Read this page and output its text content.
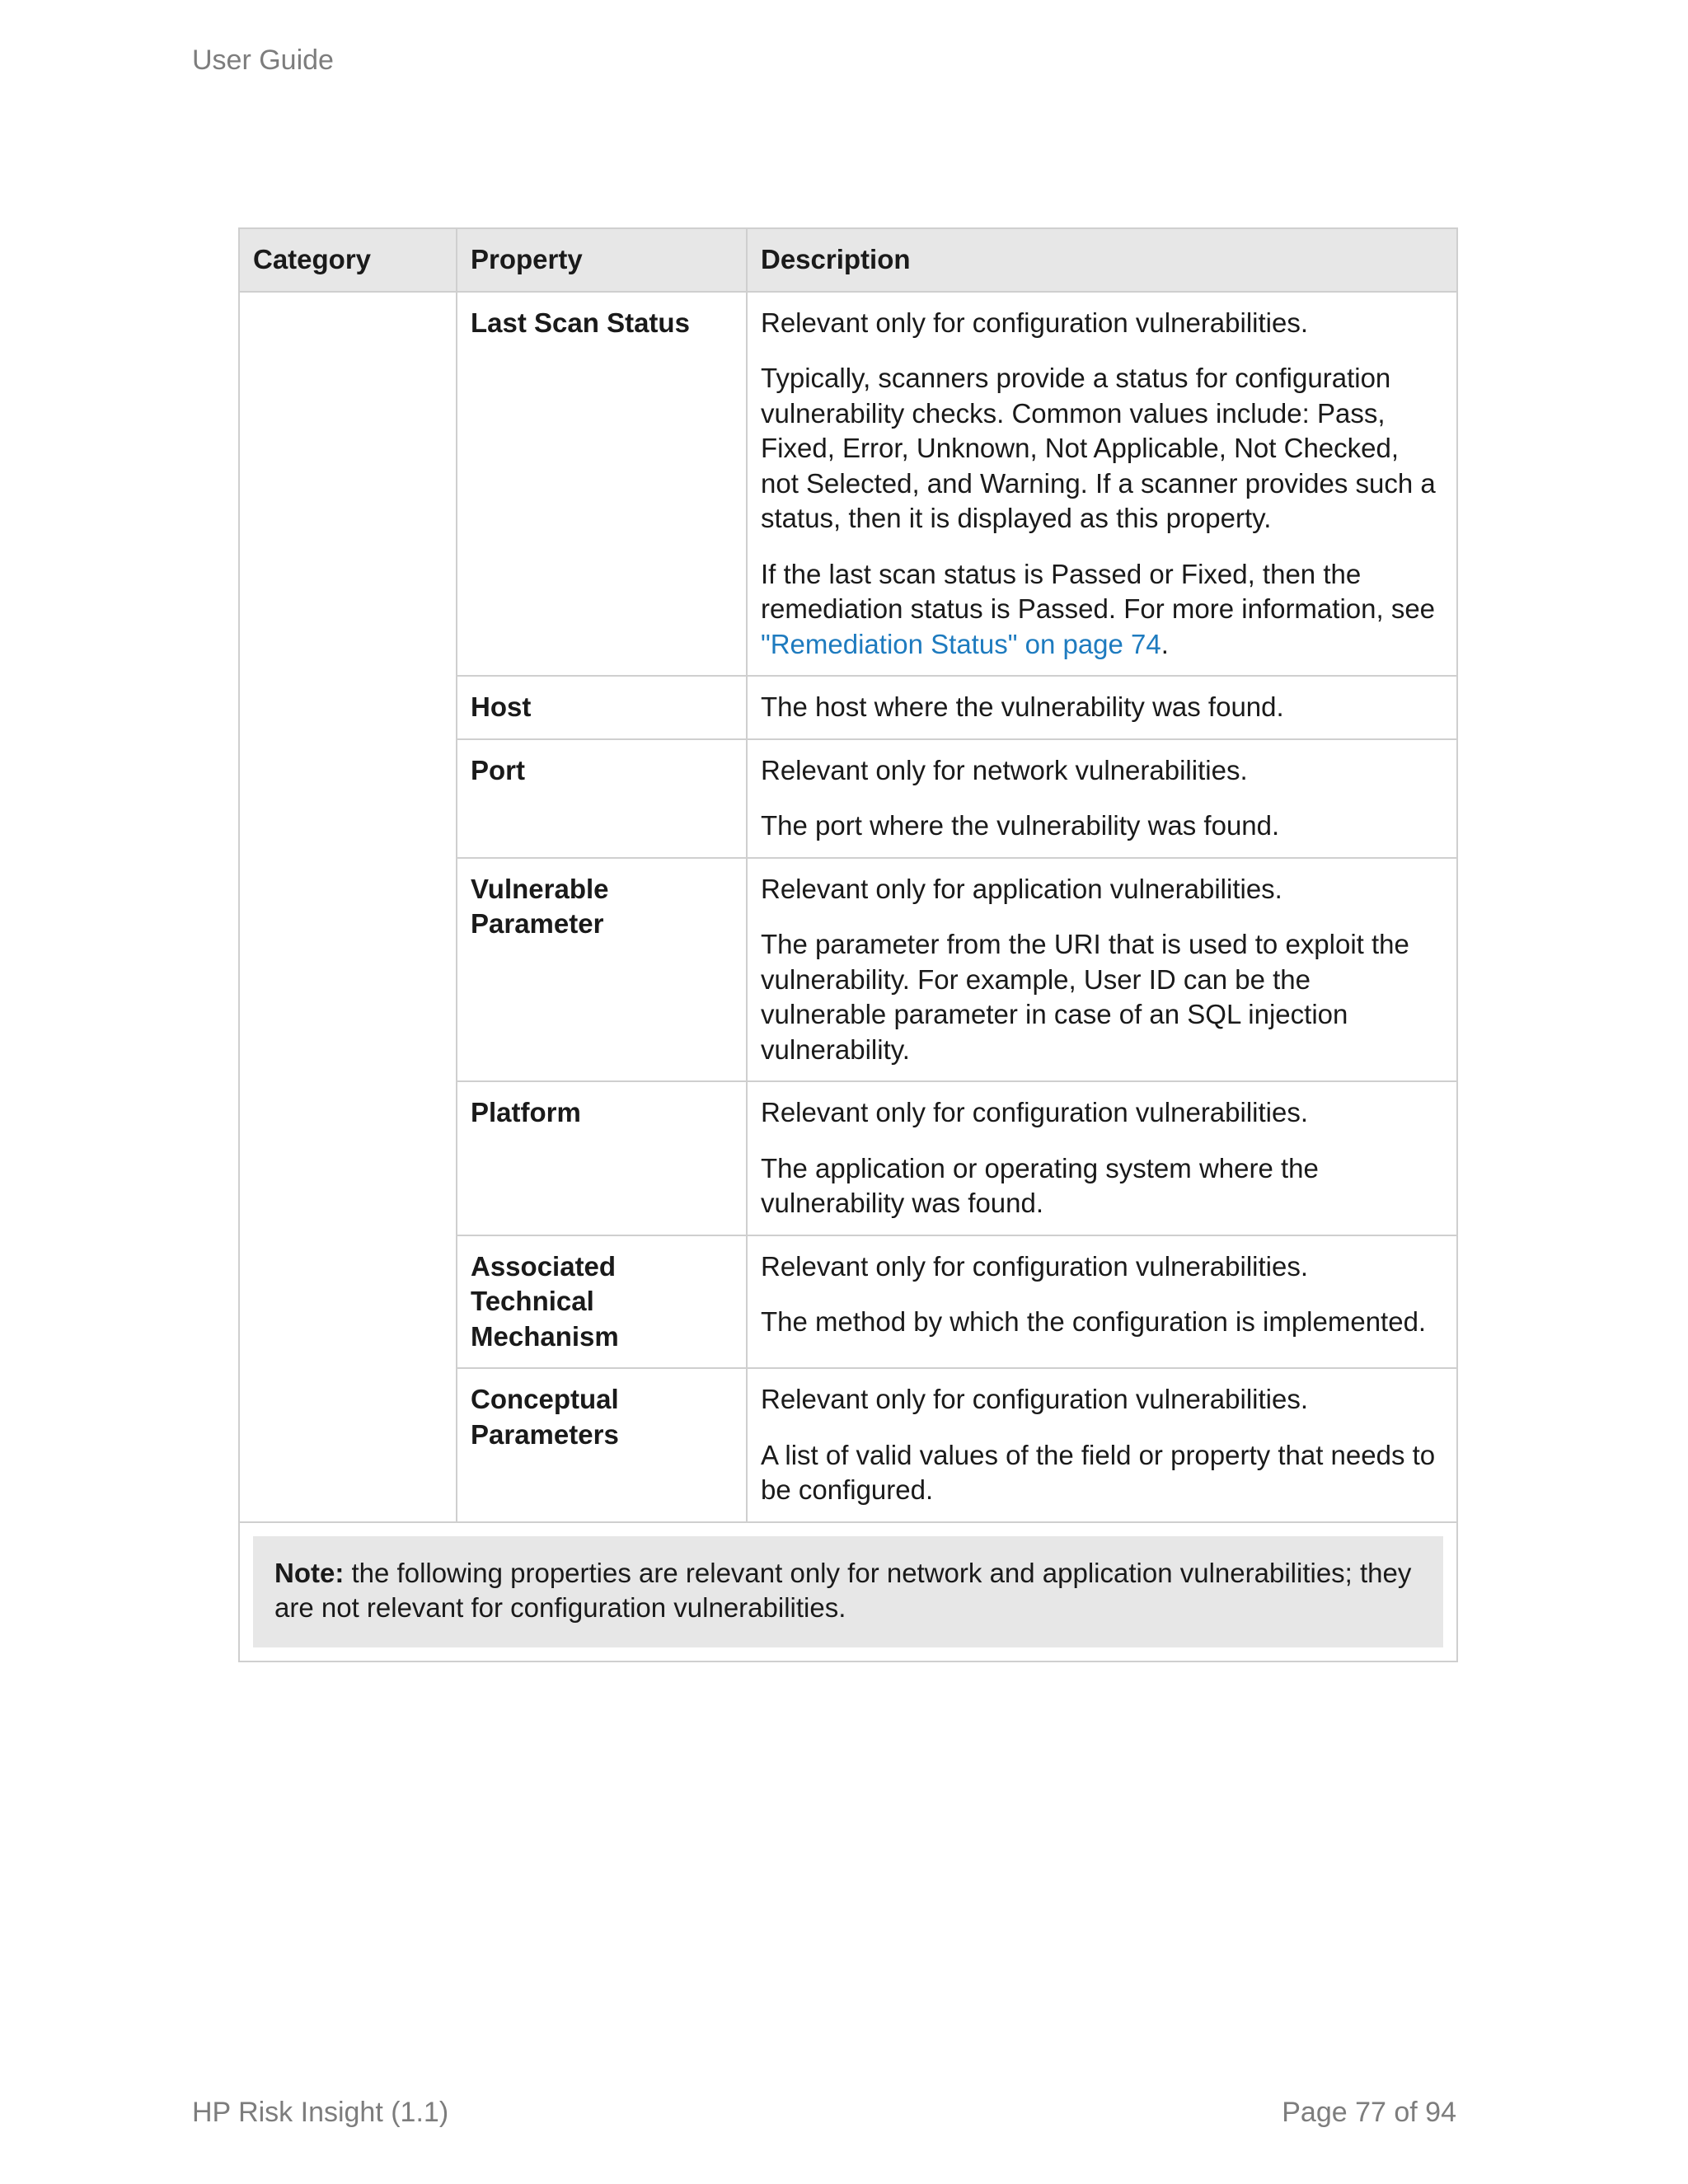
User Guide
Category	Property	Description
	Last Scan Status	Relevant only for configuration vulnerabilities.

Typically, scanners provide a status for configuration vulnerability checks. Common values include: Pass, Fixed, Error, Unknown, Not Applicable, Not Checked, not Selected, and Warning. If a scanner provides such a status, then it is displayed as this property.

If the last scan status is Passed or Fixed, then the remediation status is Passed. For more information, see
"Remediation Status" on page 74.

	Host	The host where the vulnerability was found.

	Port	Relevant only for network vulnerabilities.

The port where the vulnerability was found.

	Vulnerable Parameter	Relevant only for application vulnerabilities.

The parameter from the URI that is used to exploit the vulnerability. For example, User ID can be the vulnerable parameter in case of an SQL injection vulnerability.

	Platform	Relevant only for configuration vulnerabilities.

The application or operating system where the vulnerability was found.

	Associated Technical Mechanism	Relevant only for configuration vulnerabilities.

The method by which the configuration is implemented.

	Conceptual Parameters	Relevant only for configuration vulnerabilities.

A list of valid values of the field or property that needs to be configured.

Note: the following properties are relevant only for network and application vulnerabilities; they are not relevant for configuration vulnerabilities.		
HP Risk Insight (1.1)	Page 77 of 94
